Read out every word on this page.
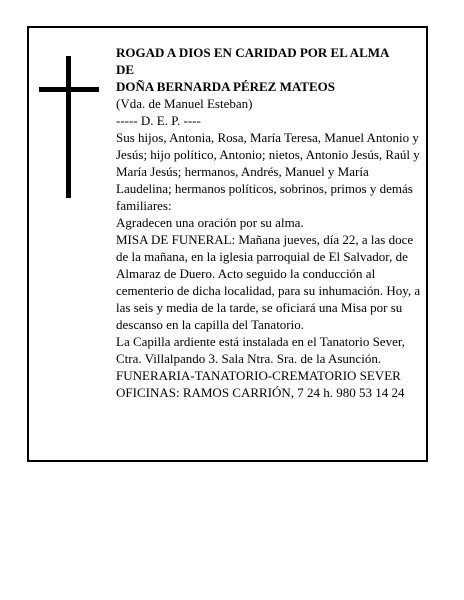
ROGAD A DIOS EN CARIDAD POR EL ALMA

DE

DOÑA BERNARDA PÉREZ MATEOS

(Vda. de Manuel Esteban)

----- D. E. P. ----

Sus hijos, Antonia, Rosa, María Teresa, Manuel Antonio y Jesús; hijo político, Antonio; nietos, Antonio Jesús, Raúl y María Jesús; hermanos, Andrés, Manuel y María Laudelina; hermanos políticos, sobrinos, primos y demás familiares:

Agradecen una oración por su alma.

MISA DE FUNERAL: Mañana jueves, día 22, a las doce de la mañana, en la iglesia parroquial de El Salvador, de Almaraz de Duero. Acto seguido la conducción al cementerio de dicha localidad, para su inhumación. Hoy, a las seis y media de la tarde, se oficiará una Misa por su descanso en la capilla del Tanatorio.

La Capilla ardiente está instalada en el Tanatorio Sever, Ctra. Villalpando 3. Sala Ntra. Sra. de la Asunción.

FUNERARIA-TANATORIO-CREMATORIO SEVER

OFICINAS: RAMOS CARRIÓN, 7 24 h. 980 53 14 24
